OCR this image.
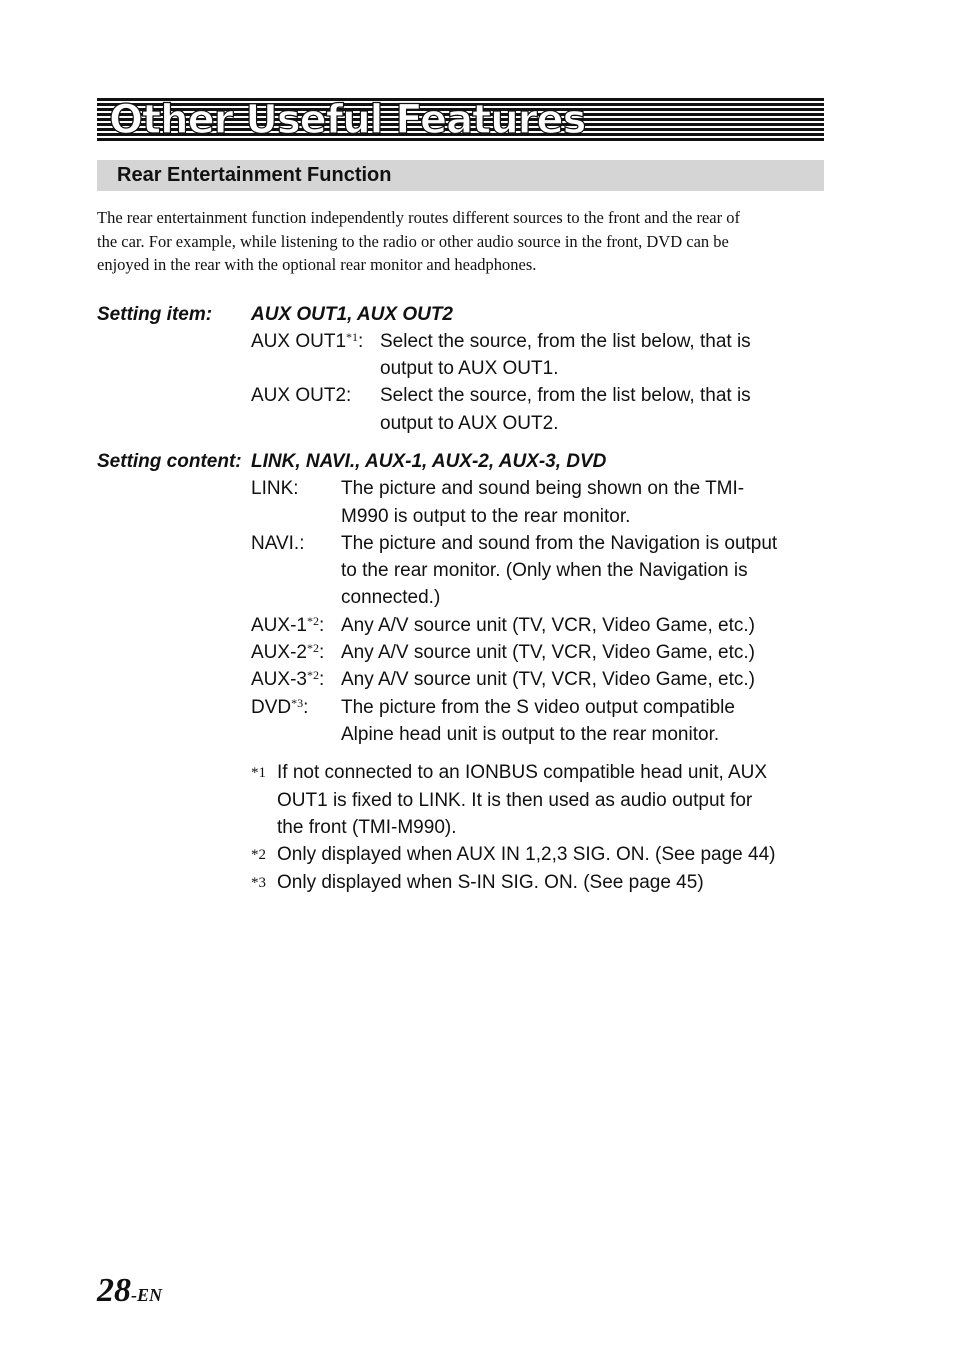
Other Useful Features
Rear Entertainment Function
The rear entertainment function independently routes different sources to the front and the rear of
the car. For example, while listening to the radio or other audio source in the front, DVD can be
enjoyed in the rear with the optional rear monitor and headphones.
Setting item: AUX OUT1, AUX OUT2
AUX OUT1$^{*1}$: Select the source, from the list below, that is
output to AUX OUT1.
AUX OUT2: Select the source, from the list below, that is
output to AUX OUT2.
Setting content: LINK, NAVI., AUX-1, AUX-2, AUX-3, DVD
LINK: The picture and sound being shown on the TMI-
M990 is output to the rear monitor.
NAVI.: The picture and sound from the Navigation is output
to the rear monitor. (Only when the Navigation is
connected.)
AUX-1$^{*2}$: Any A/V source unit (TV, VCR, Video Game, etc.)
AUX-2$^{*2}$: Any A/V source unit (TV, VCR, Video Game, etc.)
AUX-3$^{*2}$: Any A/V source unit (TV, VCR, Video Game, etc.)
DVD$^{*3}$: The picture from the S video output compatible
Alpine head unit is output to the rear monitor.
*1 If not connected to an IONBUS compatible head unit, AUX
OUT1 is fixed to LINK. It is then used as audio output for
the front (TMI-M990).
*2 Only displayed when AUX IN 1,2,3 SIG. ON. (See page 44)
*3 Only displayed when S-IN SIG. ON. (See page 45)
28-EN
